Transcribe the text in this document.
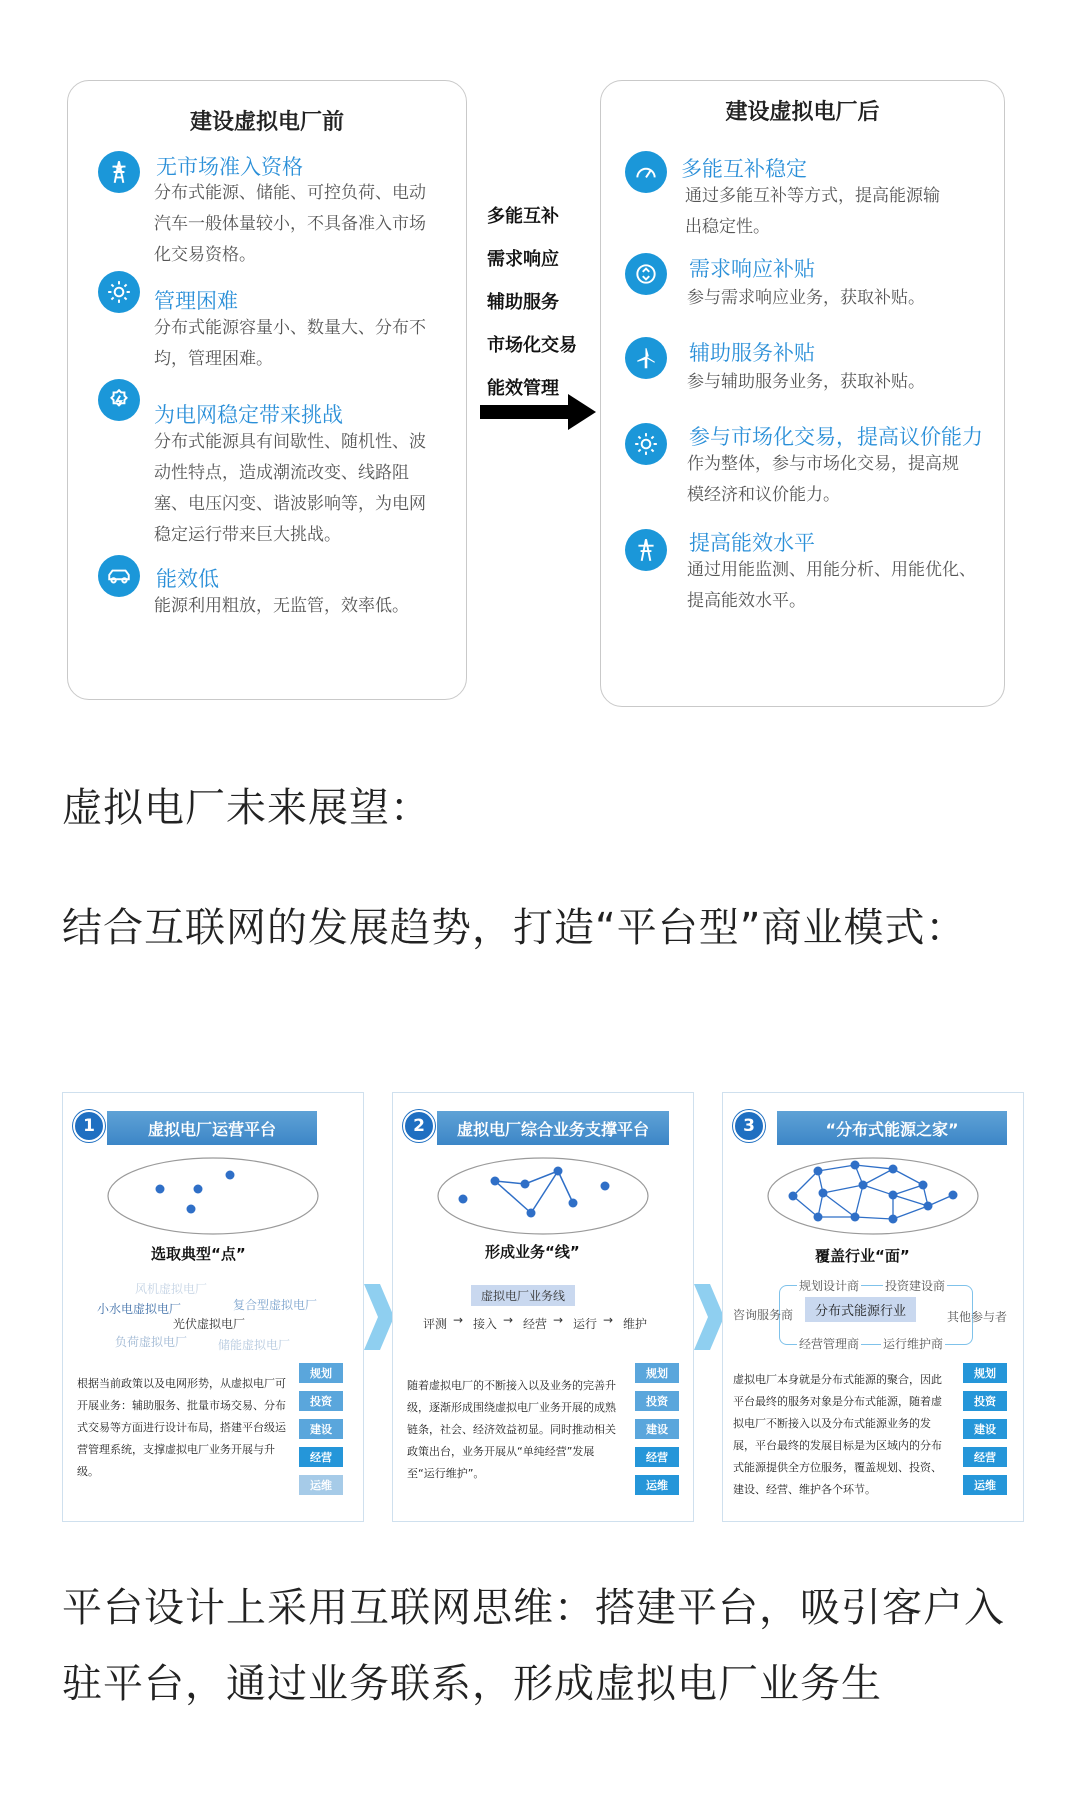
建设虚拟电厂前
无市场准入资格
分布式能源、储能、可控负荷、电动汽车一般体量较小，不具备准入市场化交易资格。
管理困难
分布式能源容量小、数量大、分布不均，管理困难。
为电网稳定带来挑战
分布式能源具有间歇性、随机性、波动性特点，造成潮流改变、线路阻塞、电压闪变、谐波影响等，为电网稳定运行带来巨大挑战。
能效低
能源利用粗放，无监管，效率低。
多能互补
需求响应
辅助服务
市场化交易
能效管理
建设虚拟电厂后
多能互补稳定
通过多能互补等方式，提高能源输出稳定性。
需求响应补贴
参与需求响应业务，获取补贴。
辅助服务补贴
参与辅助服务业务，获取补贴。
参与市场化交易，提高议价能力
作为整体，参与市场化交易，提高规模经济和议价能力。
提高能效水平
通过用能监测、用能分析、用能优化、提高能效水平。
虚拟电厂未来展望：
结合互联网的发展趋势，打造“平台型”商业模式：
平台设计上采用互联网思维：搭建平台，吸引客户入驻平台，通过业务联系，形成虚拟电厂业务生
虚拟电厂运营平台
1
选取典型“点”
风机虚拟电厂
复合型虚拟电厂
小水电虚拟电厂
光伏虚拟电厂
负荷虚拟电厂	储能虚拟电厂
根据当前政策以及电网形势，从虚拟电厂可开展业务：辅助服务、批量市场交易、分布式交易等方面进行设计布局，搭建平台级运营管理系统，支撑虚拟电厂业务开展与升级。
规划
投资
建设
经营
运维
虚拟电厂综合业务支撑平台
2
形成业务“线”
虚拟电厂业务线
评测 → 接入 → 经营 → 运行 → 维护
随着虚拟电厂的不断接入以及业务的完善升级，逐渐形成围绕虚拟电厂业务开展的成熟链条，社会、经济效益初显。同时推动相关政策出台，业务开展从“单纯经营”发展至“运行维护”。
规划
投资
建设
经营
运维
“分布式能源之家”
3
覆盖行业“面”
规划设计商 投资建设商
咨询服务商	分布式能源行业	其他参与者
经营管理商 运行维护商
虚拟电厂本身就是分布式能源的聚合，因此平台最终的服务对象是分布式能源，随着虚拟电厂不断接入以及分布式能源业务的发展，平台最终的发展目标是为区域内的分布式能源提供全方位服务，覆盖规划、投资、建设、经营、维护各个环节。
规划
投资
建设
经营
运维
